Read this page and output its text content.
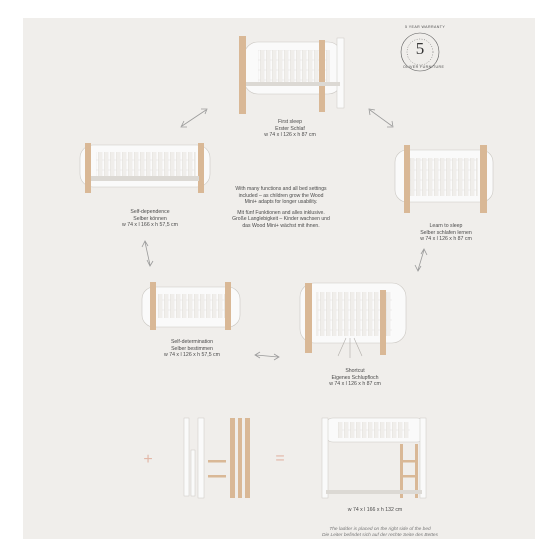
5 YEAR WARRANTY
5
OLIVER FURNITURE
First sleep
Erster Schlaf
w 74 x l 126 x h 87 cm
Self-dependence
Selber können
w 74 x l 166 x h 57,5 cm	Learn to sleep
Selber schlafen lernen
w 74 x l 126 x h 87 cm
Self-determination
Selber bestimmen
w 74 x l 126 x h 57,5 cm
Shortcut
Eigenes Schlupfloch
w 74 x l 126 x h 87 cm
w 74 x l 166 x h 132 cm
With many functions and all bed settings
included – as children grow the Wood
Mini+ adapts for longer usability.
Mit fünf Funktionen and alles inklusive.
Große Langlebigkeit – Kinder wachsen und
das Wood Mini+ wächst mit ihnen.
+	=
The ladder is placed on the right side of the bed
Die Leiter befindet sich auf der rechte Seite des Bettes
